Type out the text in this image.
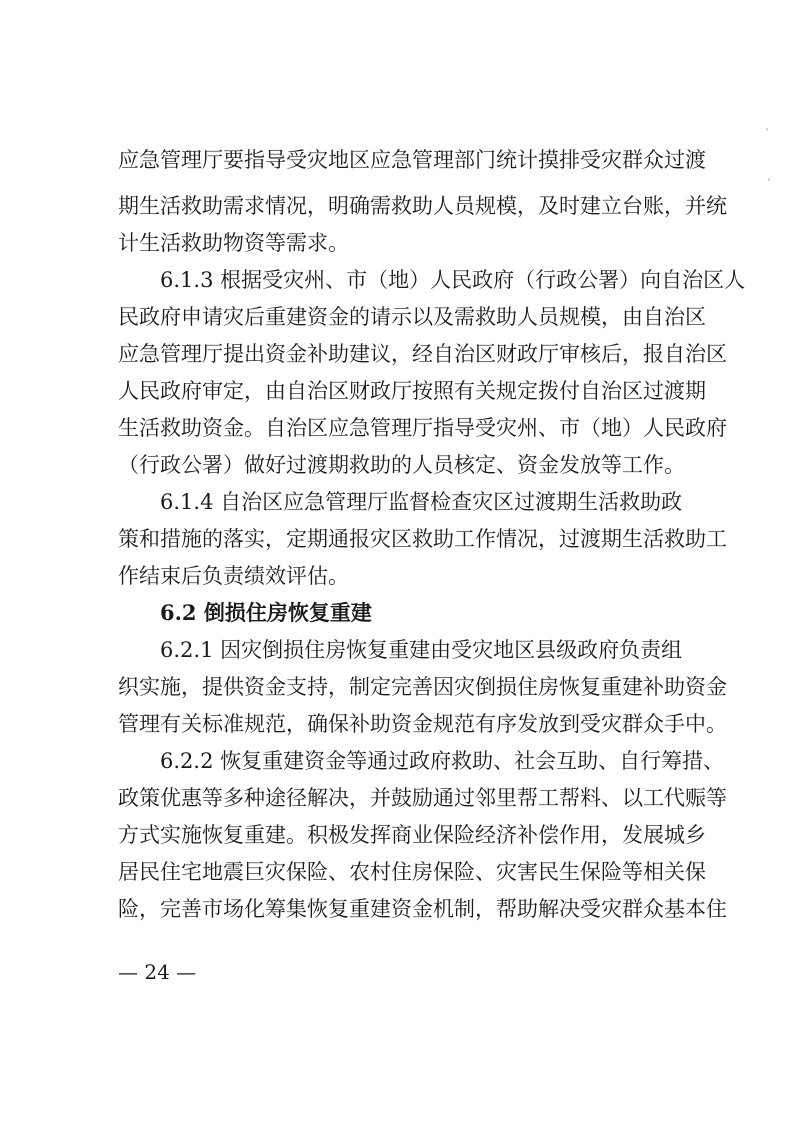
应急管理厅要指导受灾地区应急管理部门统计摸排受灾群众过渡
期生活救助需求情况，明确需救助人员规模，及时建立台账，并统
计生活救助物资等需求。
6.1.3 根据受灾州、市（地）人民政府（行政公署）向自治区人
民政府申请灾后重建资金的请示以及需救助人员规模，由自治区
应急管理厅提出资金补助建议，经自治区财政厅审核后，报自治区
人民政府审定，由自治区财政厅按照有关规定拨付自治区过渡期
生活救助资金。自治区应急管理厅指导受灾州、市（地）人民政府
（行政公署）做好过渡期救助的人员核定、资金发放等工作。
6.1.4 自治区应急管理厅监督检查灾区过渡期生活救助政
策和措施的落实，定期通报灾区救助工作情况，过渡期生活救助工
作结束后负责绩效评估。
6.2 倒损住房恢复重建
6.2.1 因灾倒损住房恢复重建由受灾地区县级政府负责组
织实施，提供资金支持，制定完善因灾倒损住房恢复重建补助资金
管理有关标准规范，确保补助资金规范有序发放到受灾群众手中。
6.2.2 恢复重建资金等通过政府救助、社会互助、自行筹措、
政策优惠等多种途径解决，并鼓励通过邻里帮工帮料、以工代赈等
方式实施恢复重建。积极发挥商业保险经济补偿作用，发展城乡
居民住宅地震巨灾保险、农村住房保险、灾害民生保险等相关保
险，完善市场化筹集恢复重建资金机制，帮助解决受灾群众基本住
— 24 —
